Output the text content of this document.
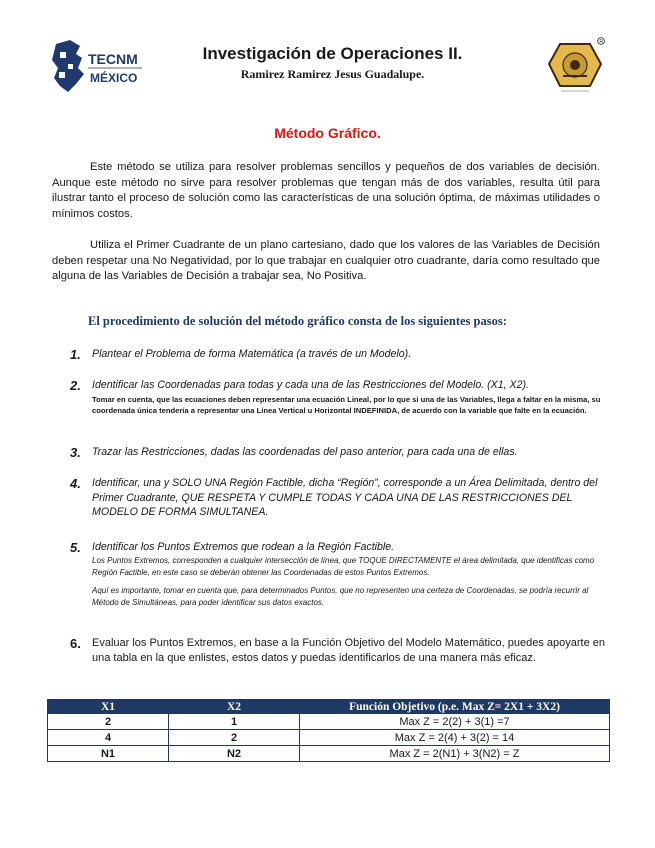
TECNM
MÉXICO
R
Investigación de Operaciones II.
Ramirez Ramirez Jesus Guadalupe.
Método Gráfico.
Este método se utiliza para resolver problemas sencillos y pequeños de dos variables de decisión. Aunque este método no sirve para resolver problemas que tengan más de dos variables, resulta útil para ilustrar tanto el proceso de solución como las características de una solución óptima, de máximas utilidades o mínimos costos.
Utiliza el Primer Cuadrante de un plano cartesiano, dado que los valores de las Variables de Decisión deben respetar una No Negatividad, por lo que trabajar en cualquier otro cuadrante, daría como resultado que alguna de las Variables de Decisión a trabajar sea, No Positiva.
El procedimiento de solución del método gráfico consta de los siguientes pasos:
1. Plantear el Problema de forma Matemática (a través de un Modelo).
2. Identificar las Coordenadas para todas y cada una de las Restricciones del Modelo. (X1, X2).
Tomar en cuenta, que las ecuaciones deben representar una ecuación Lineal, por lo que si una de las Variables, llega a faltar en la misma, su coordenada única tendería a representar una Línea Vertical u Horizontal INDEFINIDA, de acuerdo con la variable que falte en la ecuación.
3. Trazar las Restricciones, dadas las coordenadas del paso anterior, para cada una de ellas.
4. Identificar, una y SOLO UNA Región Factible, dicha “Región”, corresponde a un Área Delimitada, dentro del Primer Cuadrante, QUE RESPETA Y CUMPLE TODAS Y CADA UNA DE LAS RESTRICCIONES DEL MODELO DE FORMA SIMULTANEA.
5. Identificar los Puntos Extremos que rodean a la Región Factible.
Los Puntos Extremos, corresponden a cualquier intersección de línea, que TOQUE DIRECTAMENTE el área delimitada, que identificas como Región Factible, en este caso se deberán obtener las Coordenadas de estos Puntos Extremos.
Aquí es importante, tomar en cuenta que, para determinados Puntos, que no representen una certeza de Coordenadas, se podría recurrir al Método de Simultáneas, para poder identificar sus datos exactos.
6. Evaluar los Puntos Extremos, en base a la Función Objetivo del Modelo Matemático, puedes apoyarte en una tabla en la que enlistes, estos datos y puedas identificarlos de una manera más eficaz.
X1	X2	Función Objetivo (p.e. Max Z= 2X1 + 3X2)
2	1	Max Z = 2(2) + 3(1) =7
4	2	Max Z = 2(4) + 3(2) = 14
N1	N2	Max Z = 2(N1) + 3(N2) = Z
